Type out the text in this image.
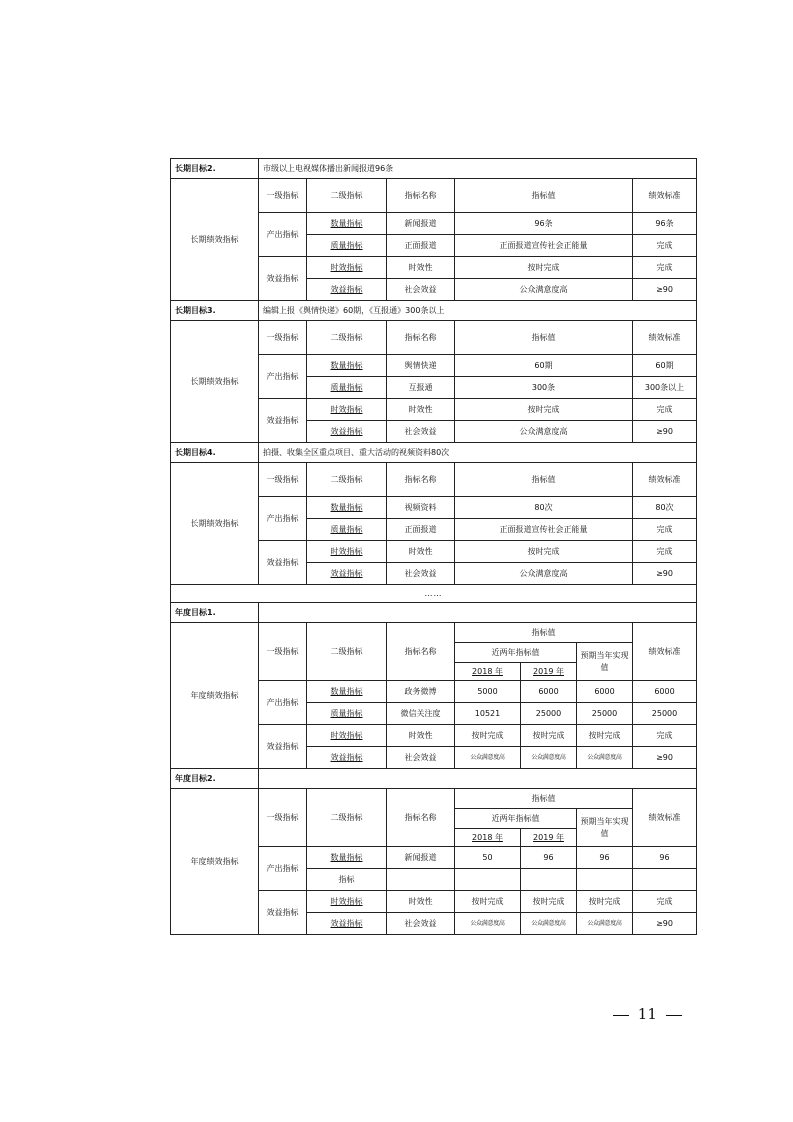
长期目标2.	市级以上电视媒体播出新闻报道96条						
长期绩效指标	一级指标	二级指标	指标名称	指标值			绩效标准
	产出指标	数量指标	新闻报道	96条			96条
		质量指标	正面报道	正面报道宣传社会正能量			完成
	效益指标	时效指标	时效性	按时完成			完成
		效益指标	社会效益	公众满意度高			≥90
长期目标3.	编辑上报《舆情快递》60期，《互报通》300条以上						
长期绩效指标	一级指标	二级指标	指标名称	指标值			绩效标准
	产出指标	数量指标	舆情快递	60期			60期
		质量指标	互报通	300条			300条以上
	效益指标	时效指标	时效性	按时完成			完成
		效益指标	社会效益	公众满意度高			≥90
长期目标4.	拍摄、收集全区重点项目、重大活动的视频资料80次						
长期绩效指标	一级指标	二级指标	指标名称	指标值			绩效标准
	产出指标	数量指标	视频资料	80次			80次
		质量指标	正面报道	正面报道宣传社会正能量			完成
	效益指标	时效指标	时效性	按时完成			完成
		效益指标	社会效益	公众满意度高			≥90
……							
年度目标1.							
年度绩效指标	一级指标	二级指标	指标名称	指标值			绩效标准
				近两年指标值		预期当年实现值	
				2018 年	2019 年		
	产出指标	数量指标	政务微博	5000	6000	6000	6000
		质量指标	微信关注度	10521	25000	25000	25000
	效益指标	时效指标	时效性	按时完成	按时完成	按时完成	完成
		效益指标	社会效益	公众满意度高	公众满意度高	公众满意度高	≥90
年度目标2.							
年度绩效指标	一级指标	二级指标	指标名称	指标值			绩效标准
				近两年指标值		预期当年实现值	
				2018 年	2019 年		
	产出指标	数量指标	新闻报道	50	96	96	96
		指标					
	效益指标	时效指标	时效性	按时完成	按时完成	按时完成	完成
		效益指标	社会效益	公众满意度高	公众满意度高	公众满意度高	≥90
11
